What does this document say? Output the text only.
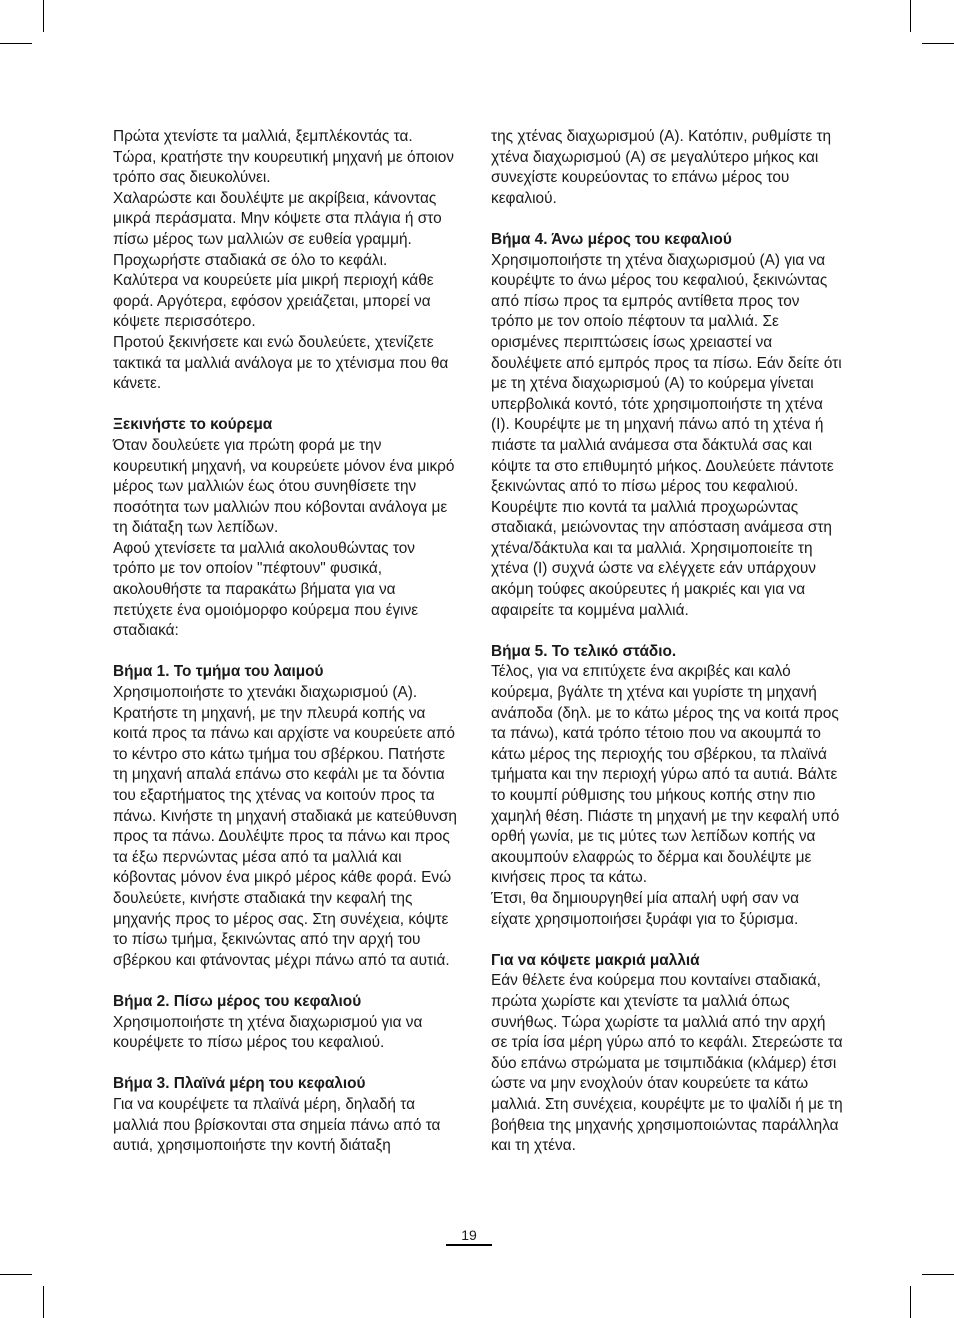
Πρώτα χτενίστε τα μαλλιά, ξεμπλέκοντάς τα. Τώρα, κρατήστε την κουρευτική μηχανή με όποιον τρόπο σας διευκολύνει.

Χαλαρώστε και δουλέψτε με ακρίβεια, κάνοντας μικρά περάσματα. Μην κόψετε στα πλάγια ή στο πίσω μέρος των μαλλιών σε ευθεία γραμμή. Προχωρήστε σταδιακά σε όλο το κεφάλι.

Καλύτερα να κουρεύετε μία μικρή περιοχή κάθε φορά. Αργότερα, εφόσον χρειάζεται, μπορεί να κόψετε περισσότερο.

Προτού ξεκινήσετε και ενώ δουλεύετε, χτενίζετε τακτικά τα μαλλιά ανάλογα με το χτένισμα που θα κάνετε.

Ξεκινήστε το κούρεμα

Όταν δουλεύετε για πρώτη φορά με την κουρευτική μηχανή, να κουρεύετε μόνον ένα μικρό μέρος των μαλλιών έως ότου συνηθίσετε την ποσότητα των μαλλιών που κόβονται ανάλογα με τη διάταξη των λεπίδων.

Αφού χτενίσετε τα μαλλιά ακολουθώντας τον τρόπο με τον οποίον "πέφτουν" φυσικά, ακολουθήστε τα παρακάτω βήματα για να πετύχετε ένα ομοιόμορφο κούρεμα που έγινε σταδιακά:

Βήμα 1. Το τμήμα του λαιμού

Χρησιμοποιήστε το χτενάκι διαχωρισμού (A). Κρατήστε τη μηχανή, με την πλευρά κοπής να κοιτά προς τα πάνω και αρχίστε να κουρεύετε από το κέντρο στο κάτω τμήμα του σβέρκου. Πατήστε τη μηχανή απαλά επάνω στο κεφάλι με τα δόντια του εξαρτήματος της χτένας να κοιτούν προς τα πάνω. Κινήστε τη μηχανή σταδιακά με κατεύθυνση προς τα πάνω. Δουλέψτε προς τα πάνω και προς τα έξω περνώντας μέσα από τα μαλλιά και κόβοντας μόνον ένα μικρό μέρος κάθε φορά. Ενώ δουλεύετε, κινήστε σταδιακά την κεφαλή της μηχανής προς το μέρος σας. Στη συνέχεια, κόψτε το πίσω τμήμα, ξεκινώντας από την αρχή του σβέρκου και φτάνοντας μέχρι πάνω από τα αυτιά.

Βήμα 2. Πίσω μέρος του κεφαλιού

Χρησιμοποιήστε τη χτένα διαχωρισμού για να κουρέψετε το πίσω μέρος του κεφαλιού.

Βήμα 3. Πλαϊνά μέρη του κεφαλιού

Για να κουρέψετε τα πλαϊνά μέρη, δηλαδή τα μαλλιά που βρίσκονται στα σημεία πάνω από τα αυτιά, χρησιμοποιήστε την κοντή διάταξη

της χτένας διαχωρισμού (A). Κατόπιν, ρυθμίστε τη χτένα διαχωρισμού (A) σε μεγαλύτερο μήκος και συνεχίστε κουρεύοντας το επάνω μέρος του κεφαλιού.

Βήμα 4. Άνω μέρος του κεφαλιού

Χρησιμοποιήστε τη χτένα διαχωρισμού (A) για να κουρέψτε το άνω μέρος του κεφαλιού, ξεκινώντας από πίσω προς τα εμπρός αντίθετα προς τον τρόπο με τον οποίο πέφτουν τα μαλλιά. Σε ορισμένες περιπτώσεις ίσως χρειαστεί να δουλέψετε από εμπρός προς τα πίσω. Εάν δείτε ότι με τη χτένα διαχωρισμού (A) το κούρεμα γίνεται υπερβολικά κοντό, τότε χρησιμοποιήστε τη χτένα (I). Κουρέψτε με τη μηχανή πάνω από τη χτένα ή πιάστε τα μαλλιά ανάμεσα στα δάκτυλά σας και κόψτε τα στο επιθυμητό μήκος. Δουλεύετε πάντοτε ξεκινώντας από το πίσω μέρος του κεφαλιού. Κουρέψτε πιο κοντά τα μαλλιά προχωρώντας σταδιακά, μειώνοντας την απόσταση ανάμεσα στη χτένα/δάκτυλα και τα μαλλιά. Χρησιμοποιείτε τη χτένα (I) συχνά ώστε να ελέγχετε εάν υπάρχουν ακόμη τούφες ακούρευτες ή μακριές και για να αφαιρείτε τα κομμένα μαλλιά.

Βήμα 5. Το τελικό στάδιο.

Τέλος, για να επιτύχετε ένα ακριβές και καλό κούρεμα, βγάλτε τη χτένα και γυρίστε τη μηχανή ανάποδα (δηλ. με το κάτω μέρος της να κοιτά προς τα πάνω), κατά τρόπο τέτοιο που να ακουμπά το κάτω μέρος της περιοχής του σβέρκου, τα πλαϊνά τμήματα και την περιοχή γύρω από τα αυτιά. Βάλτε το κουμπί ρύθμισης του μήκους κοπής στην πιο χαμηλή θέση. Πιάστε τη μηχανή με την κεφαλή υπό ορθή γωνία, με τις μύτες των λεπίδων κοπής να ακουμπούν ελαφρώς το δέρμα και δουλέψτε με κινήσεις προς τα κάτω.

Έτσι, θα δημιουργηθεί μία απαλή υφή σαν να είχατε χρησιμοποιήσει ξυράφι για το ξύρισμα.

Για να κόψετε μακριά μαλλιά

Εάν θέλετε ένα κούρεμα που κονταίνει σταδιακά, πρώτα χωρίστε και χτενίστε τα μαλλιά όπως συνήθως. Τώρα χωρίστε τα μαλλιά από την αρχή σε τρία ίσα μέρη γύρω από το κεφάλι. Στερεώστε τα δύο επάνω στρώματα με τσιμπιδάκια (κλάμερ) έτσι ώστε να μην ενοχλούν όταν κουρεύετε τα κάτω μαλλιά. Στη συνέχεια, κουρέψτε με το ψαλίδι ή με τη βοήθεια της μηχανής χρησιμοποιώντας παράλληλα και τη χτένα.

19
